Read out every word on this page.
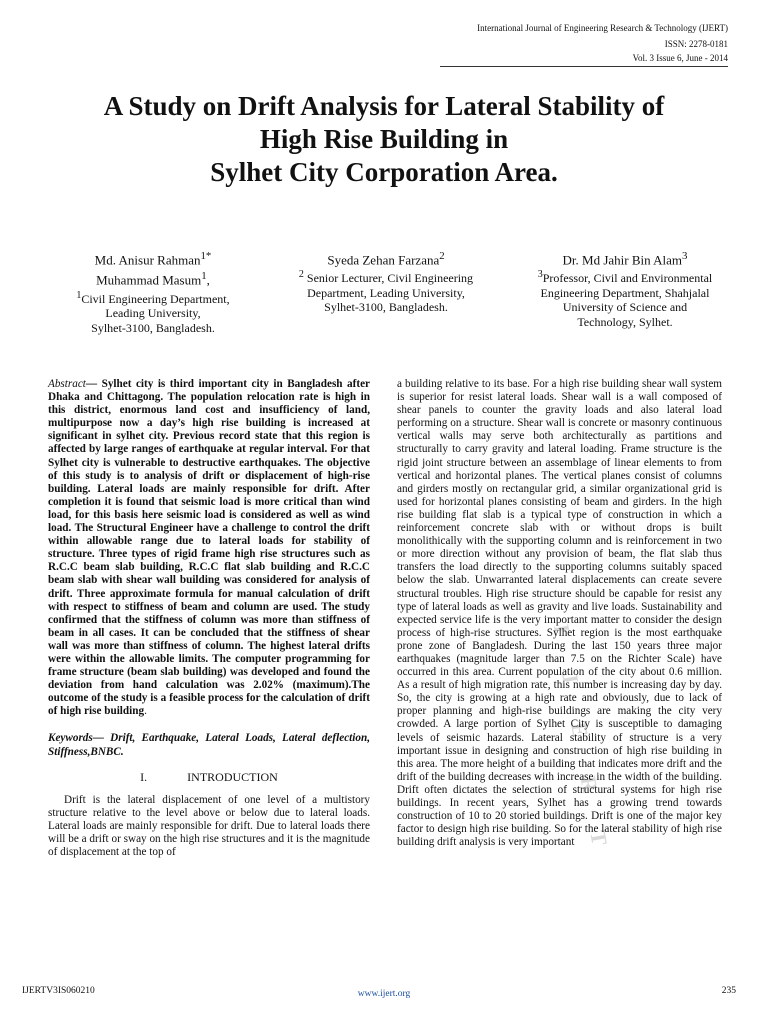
International Journal of Engineering Research & Technology (IJERT)
ISSN: 2278-0181
Vol. 3 Issue 6, June - 2014
A Study on Drift Analysis for Lateral Stability of
High Rise Building in
Sylhet City Corporation Area.
Md. Anisur Rahman$^{1*}$
Muhammad Masum$^1$,
$^1$Civil Engineering Department,
Leading University,
Sylhet-3100, Bangladesh.
Syeda Zehan Farzana$^2$
$^2$ Senior Lecturer, Civil Engineering
Department, Leading University,
Sylhet-3100, Bangladesh.
Dr. Md Jahir Bin Alam$^3$
$^3$Professor, Civil and Environmental
Engineering Department, Shahjalal
University of Science and
Technology, Sylhet.
IJERT

Abstract— Sylhet city is third important city in Bangladesh after Dhaka and Chittagong. The population relocation rate is high in this district, enormous land cost and insufficiency of land, multipurpose now a day’s high rise building is increased at significant in sylhet city. Previous record state that this region is affected by large ranges of earthquake at regular interval. For that Sylhet city is vulnerable to destructive earthquakes. The objective of this study is to analysis of drift or displacement of high-rise building. Lateral loads are mainly responsible for drift. After completion it is found that seismic load is more critical than wind load, for this basis here seismic load is considered as well as wind load. The Structural Engineer have a challenge to control the drift within allowable range due to lateral loads for stability of structure. Three types of rigid frame high rise structures such as R.C.C beam slab building, R.C.C flat slab building and R.C.C beam slab with shear wall building was considered for analysis of drift. Three approximate formula for manual calculation of drift with respect to stiffness of beam and column are used. The study confirmed that the stiffness of column was more than stiffness of beam in all cases. It can be concluded that the stiffness of shear wall was more than stiffness of column. The highest lateral drifts were within the allowable limits. The computer programming for frame structure (beam slab building) was developed and found the deviation from hand calculation was 2.02% (maximum).The outcome of the study is a feasible process for the calculation of drift of high rise building.

Keywords— Drift, Earthquake, Lateral Loads, Lateral deflection, Stiffness,BNBC.

I.	INTRODUCTION

Drift is the lateral displacement of one level of a multistory structure relative to the level above or below due to lateral loads. Lateral loads are mainly responsible for drift. Due to lateral loads there will be a drift or sway on the high rise structures and it is the magnitude of displacement at the top of

a building relative to its base. For a high rise building shear wall system is superior for resist lateral loads. Shear wall is a wall composed of shear panels to counter the gravity loads and also lateral load performing on a structure. Shear wall is concrete or masonry continuous vertical walls may serve both architecturally as partitions and structurally to carry gravity and lateral loading. Frame structure is the rigid joint structure between an assemblage of linear elements to from vertical and horizontal planes. The vertical planes consist of columns and girders mostly on rectangular grid, a similar organizational grid is used for horizontal planes consisting of beam and girders. In the high rise building flat slab is a typical type of construction in which a reinforcement concrete slab with or without drops is built monolithically with the supporting column and is reinforcement in two or more direction without any provision of beam, the flat slab thus transfers the load directly to the supporting columns suitably spaced below the slab. Unwarranted lateral displacements can create severe structural troubles. High rise structure should be capable for resist any type of lateral loads as well as gravity and live loads. Sustainability and expected service life is the very important matter to consider the design process of high-rise structures. Sylhet region is the most earthquake prone zone of Bangladesh. During the last 150 years three major earthquakes (magnitude larger than 7.5 on the Richter Scale) have occurred in this area. Current population of the city about 0.6 million. As a result of high migration rate, this number is increasing day by day. So, the city is growing at a high rate and obviously, due to lack of proper planning and high-rise buildings are making the city very crowded. A large portion of Sylhet City is susceptible to damaging levels of seismic hazards. Lateral stability of structure is a very important issue in designing and construction of high rise building in this area. The more height of a building that indicates more drift and the drift of the building decreases with increase in the width of the building. Drift often dictates the selection of structural systems for high rise buildings. In recent years, Sylhet has a growing trend towards construction of 10 to 20 storied buildings. Drift is one of the major key factor to design high rise building. So for the lateral stability of high rise building drift analysis is very important

IJERTV3IS060210	www.ijert.org	235
